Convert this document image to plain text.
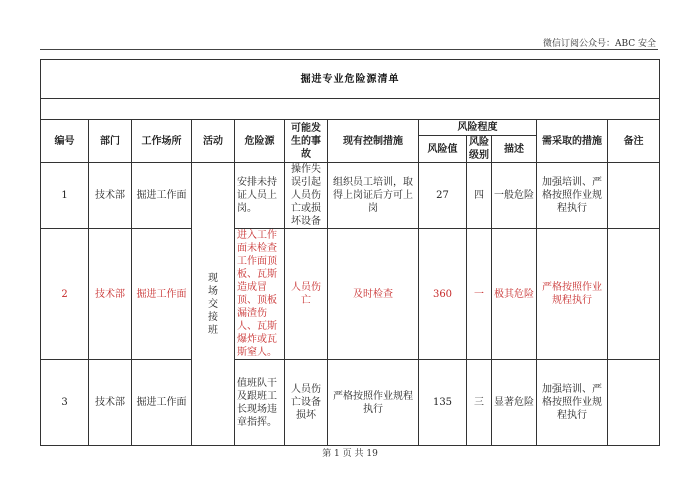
微信订阅公众号：ABC 安全
掘进专业危险源清单											

编号	部门	工作场所	活动	危险源	可能发生的事故	现有控制措施	风险程度			需采取的措施	备注
							风险值	风险级别	描述		
1	技术部	掘进工作面	现场交接班	安排未持证人员上岗。	操作失误引起人员伤亡或损坏设备	组织员工培训，取得上岗证后方可上岗	27	四	一般危险	加强培训、严格按照作业规程执行	
2	技术部	掘进工作面		进入工作面未检查工作面顶板、瓦斯造成冒顶、顶板漏渣伤人、瓦斯爆炸或瓦斯窒人。	人员伤亡	及时检查	360	一	极其危险	严格按照作业规程执行	
3	技术部	掘进工作面		值班队干及跟班工长现场违章指挥。	人员伤亡设备损坏	严格按照作业规程执行	135	三	显著危险	加强培训、严格按照作业规程执行	
第 1 页 共 19
